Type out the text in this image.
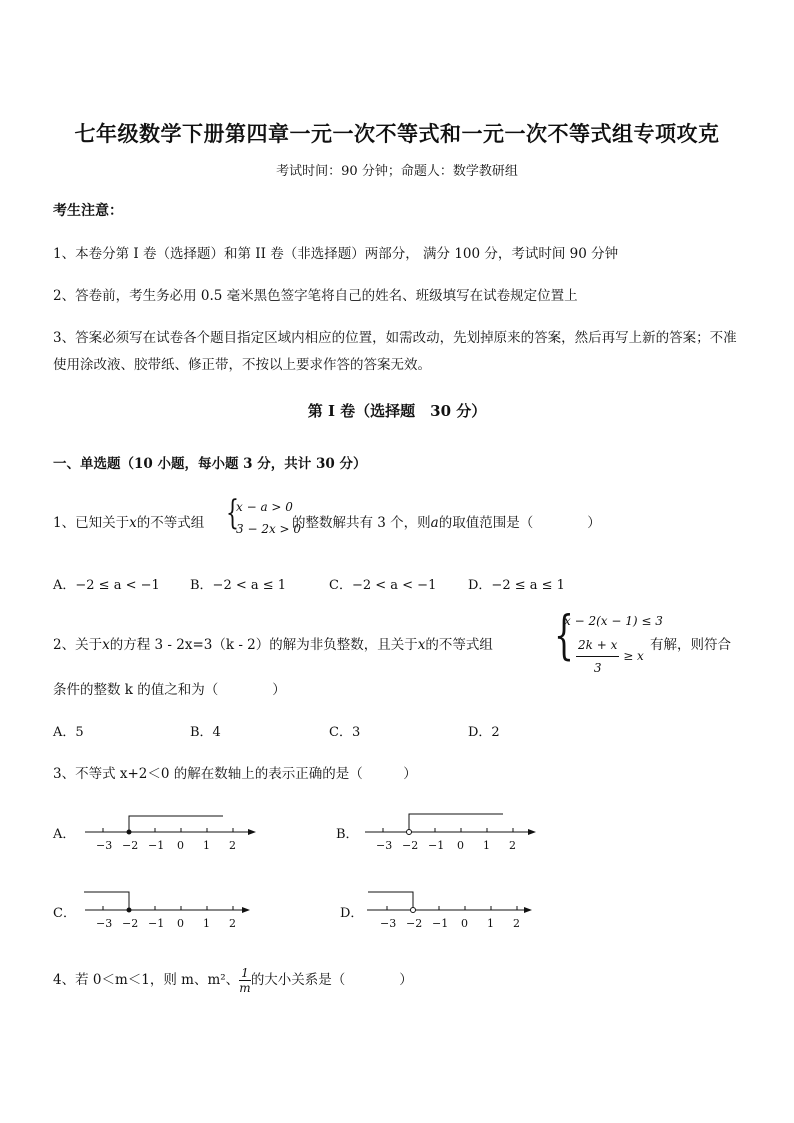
七年级数学下册第四章一元一次不等式和一元一次不等式组专项攻克
考试时间：90 分钟；命题人：数学教研组
考生注意：
1、本卷分第 I 卷（选择题）和第 II 卷（非选择题）两部分， 满分 100 分，考试时间 90 分钟
2、答卷前，考生务必用 0.5 毫米黑色签字笔将自己的姓名、班级填写在试卷规定位置上
3、答案必须写在试卷各个题目指定区域内相应的位置，如需改动，先划掉原来的答案，然后再写上新的答案；不准使用涂改液、胶带纸、修正带，不按以上要求作答的答案无效。
第 I 卷（选择题　30 分）
一、单选题（10 小题，每小题 3 分，共计 30 分）
1、已知关于x的不等式组 {
x − a > 0
3 − 2x > 0
的整数解共有 3 个，则a的取值范围是（　　　　）
A．−2 ≤ a < −1 B．−2 < a ≤ 1	C．−2 < a < −1 D．−2 ≤ a ≤ 1
2、关于x的方程 3 - 2x=3（k - 2）的解为非负整数，且关于x的不等式组 {
x − 2(x − 1) ≤ 3
$\frac{2k + x}{3} \ge x$
有解，则符合
条件的整数 k 的值之和为（　　　　）
A．5	B．4	C．3	D．2
3、不等式 x+2＜0 的解在数轴上的表示正确的是（　　　）
A．
−3 −2 −1 0 1 2
B．
−3 −2 −1 0 1 2
C．
−3 −2 −1 0 1 2
D．
−3 −2 −1 0 1 2
4、若 0＜m＜1，则 m、m²、 $\frac{1}{m}$ 的大小关系是（　　　　）
